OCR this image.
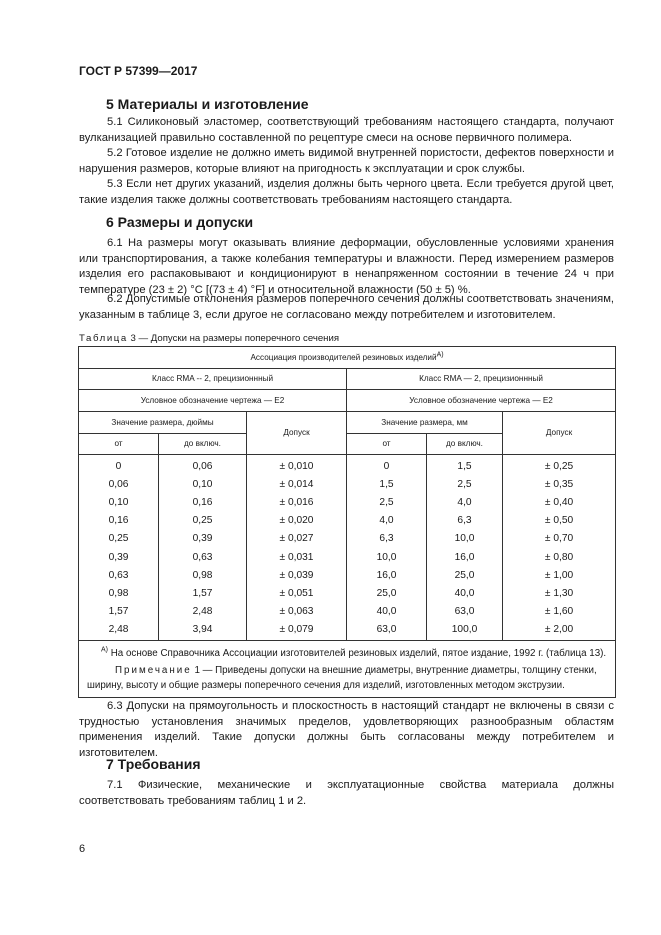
ГОСТ Р 57399—2017
5 Материалы и изготовление
5.1 Силиконовый эластомер, соответствующий требованиям настоящего стандарта, получают вулканизацией правильно составленной по рецептуре смеси на основе первичного полимера.
5.2 Готовое изделие не должно иметь видимой внутренней пористости, дефектов поверхности и нарушения размеров, которые влияют на пригодность к эксплуатации и срок службы.
5.3 Если нет других указаний, изделия должны быть черного цвета. Если требуется другой цвет, такие изделия также должны соответствовать требованиям настоящего стандарта.
6 Размеры и допуски
6.1 На размеры могут оказывать влияние деформации, обусловленные условиями хранения или транспортирования, а также колебания температуры и влажности. Перед измерением размеров изделия его распаковывают и кондиционируют в ненапряженном состоянии в течение 24 ч при температуре (23 ± 2) °С [(73 ± 4) °F] и относительной влажности (50 ± 5) %.
6.2 Допустимые отклонения размеров поперечного сечения должны соответствовать значениям, указанным в таблице 3, если другое не согласовано между потребителем и изготовителем.
Таблица 3 — Допуски на размеры поперечного сечения
Ассоциация производителей резиновых изделий$^{А)}$
Класс RMA -- 2, прецизионнный			Класс RMA — 2, прецизионнный		
Условное обозначение чертежа — Е2			Условное обозначение чертежа — Е2		
Значение размера, дюймы		Допуск	Значение размера, мм		Допуск
от	до включ.		от	до включ.	
0	0,06	± 0,010	0	1,5	± 0,25
0,06	0,10	± 0,014	1,5	2,5	± 0,35
0,10	0,16	± 0,016	2,5	4,0	± 0,40
0,16	0,25	± 0,020	4,0	6,3	± 0,50
0,25	0,39	± 0,027	6,3	10,0	± 0,70
0,39	0,63	± 0,031	10,0	16,0	± 0,80
0,63	0,98	± 0,039	16,0	25,0	± 1,00
0,98	1,57	± 0,051	25,0	40,0	± 1,30
1,57	2,48	± 0,063	40,0	63,0	± 1,60
2,48	3,94	± 0,079	63,0	100,0	± 2,00

$^{А)}$ На основе Справочника Ассоциации изготовителей резиновых изделий, пятое издание, 1992 г. (таблица 13).
Примечание 1 — Приведены допуски на внешние диаметры, внутренние диаметры, толщину стенки, ширину, высоту и общие размеры поперечного сечения для изделий, изготовленных методом экструзии.					
6.3 Допуски на прямоугольность и плоскостность в настоящий стандарт не включены в связи с трудностью установления значимых пределов, удовлетворяющих разнообразным областям применения изделий. Такие допуски должны быть согласованы между потребителем и изготовителем.
7 Требования
7.1 Физические, механические и эксплуатационные свойства материала должны соответствовать требованиям таблиц 1 и 2.
6
